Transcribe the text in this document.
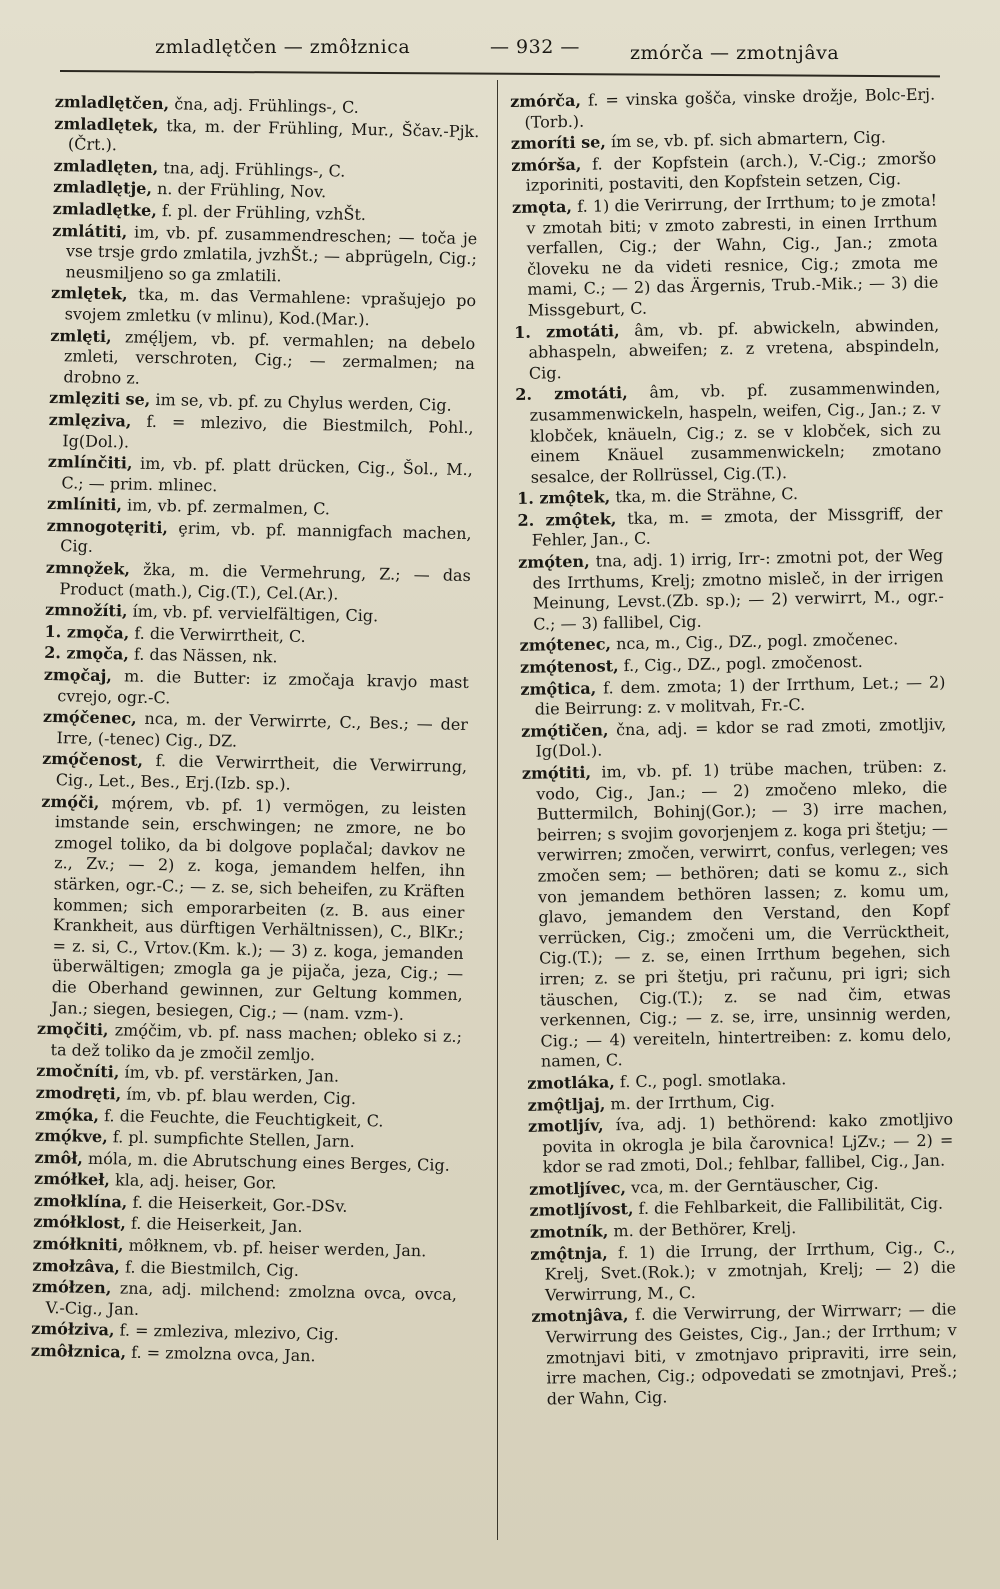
zmladlętčen — zmôłznica	— 932 —	zmórča — zmotnjâva

zmladlętčen, čna, adj. Frühlings-, C.

zmladlętek, tka, m. der Frühling, Mur., Ščav.-Pjk.(Črt.).

zmladlęten, tna, adj. Frühlings-, C.

zmladlętje, n. der Frühling, Nov.

zmladlętke, f. pl. der Frühling, vzhŠt.

zmlátiti, im, vb. pf. zusammendreschen; — toča je vse trsje grdo zmlatila, jvzhŠt.; — abprügeln, Cig.; neusmiljeno so ga zmlatili.

zmlętek, tka, m. das Vermahlene: vprašujejo po svojem zmletku (v mlinu), Kod.(Mar.).

zmlęti, zmę́ljem, vb. pf. vermahlen; na debelo zmleti, verschroten, Cig.; — zermalmen; na drobno z.

zmlęziti se, im se, vb. pf. zu Chylus werden, Cig.

zmlęziva, f. = mlezivo, die Biestmilch, Pohl., Ig(Dol.).

zmlínčiti, im, vb. pf. platt drücken, Cig., Šol., M., C.; — prim. mlinec.

zmlíniti, im, vb. pf. zermalmen, C.

zmnogotęriti, ȩrim, vb. pf. mannigfach machen, Cig.

zmnǫžek, žka, m. die Vermehrung, Z.; — das Product (math.), Cig.(T.), Cel.(Ar.).

zmnožíti, ím, vb. pf. vervielfältigen, Cig.

1. zmǫča, f. die Verwirrtheit, C.

2. zmǫča, f. das Nässen, nk.

zmǫčaj, m. die Butter: iz zmočaja kravjo mast cvrejo, ogr.-C.

zmǫ́čenec, nca, m. der Verwirrte, C., Bes.; — der Irre, (-tenec) Cig., DZ.

zmǫ́čenost, f. die Verwirrtheit, die Verwirrung, Cig., Let., Bes., Erj.(Izb. sp.).

zmǫ́či, mǫ́rem, vb. pf. 1) vermögen, zu leisten imstande sein, erschwingen; ne zmore, ne bo zmogel toliko, da bi dolgove poplačal; davkov ne z., Zv.; — 2) z. koga, jemandem helfen, ihn stärken, ogr.-C.; — z. se, sich beheifen, zu Kräften kommen; sich emporarbeiten (z. B. aus einer Krankheit, aus dürftigen Verhältnissen), C., BlKr.; = z. si, C., Vrtov.(Km. k.); — 3) z. koga, jemanden überwältigen; zmogla ga je pijača, jeza, Cig.; — die Oberhand gewinnen, zur Geltung kommen, Jan.; siegen, besiegen, Cig.; — (nam. vzm-).

zmǫčiti, zmǫ́čim, vb. pf. nass machen; obleko si z.; ta dež toliko da je zmočil zemljo.

zmočníti, ím, vb. pf. verstärken, Jan.

zmodręti, ím, vb. pf. blau werden, Cig.

zmǫ́ka, f. die Feuchte, die Feuchtigkeit, C.

zmǫ́kve, f. pl. sumpfichte Stellen, Jarn.

zmôł, móla, m. die Abrutschung eines Berges, Cig.

zmółkeł, kla, adj. heiser, Gor.

zmołklína, f. die Heiserkeit, Gor.-DSv.

zmółklost, f. die Heiserkeit, Jan.

zmółkniti, môłknem, vb. pf. heiser werden, Jan.

zmołzâva, f. die Biestmilch, Cig.

zmółzen, zna, adj. milchend: zmolzna ovca, ovca, V.-Cig., Jan.

zmółziva, f. = zmleziva, mlezivo, Cig.

zmôłznica, f. = zmolzna ovca, Jan.

zmórča, f. = vinska gošča, vinske drožje, Bolc-Erj.(Torb.).

zmoríti se, ím se, vb. pf. sich abmartern, Cig.

zmórša, f. der Kopfstein (arch.), V.-Cig.; zmoršo izporiniti, postaviti, den Kopfstein setzen, Cig.

zmǫta, f. 1) die Verirrung, der Irrthum; to je zmota! v zmotah biti; v zmoto zabresti, in einen Irrthum verfallen, Cig.; der Wahn, Cig., Jan.; zmota človeku ne da videti resnice, Cig.; zmota me mami, C.; — 2) das Ärgernis, Trub.-Mik.; — 3) die Missgeburt, C.

1. zmotáti, âm, vb. pf. abwickeln, abwinden, abhaspeln, abweifen; z. z vretena, abspindeln, Cig.

2. zmotáti, âm, vb. pf. zusammenwinden, zusammenwickeln, haspeln, weifen, Cig., Jan.; z. v klobček, knäueln, Cig.; z. se v klobček, sich zu einem Knäuel zusammenwickeln; zmotano sesalce, der Rollrüssel, Cig.(T.).

1. zmǫ̂tek, tka, m. die Strähne, C.

2. zmǫ̂tek, tka, m. = zmota, der Missgriff, der Fehler, Jan., C.

zmǫ́ten, tna, adj. 1) irrig, Irr-: zmotni pot, der Weg des Irrthums, Krelj; zmotno misleč, in der irrigen Meinung, Levst.(Zb. sp.); — 2) verwirrt, M., ogr.-C.; — 3) fallibel, Cig.

zmǫ́tenec, nca, m., Cig., DZ., pogl. zmočenec.

zmǫ́tenost, f., Cig., DZ., pogl. zmočenost.

zmǫ̂tica, f. dem. zmota; 1) der Irrthum, Let.; — 2) die Beirrung: z. v molitvah, Fr.-C.

zmǫ́tičen, čna, adj. = kdor se rad zmoti, zmotljiv, Ig(Dol.).

zmǫ́titi, im, vb. pf. 1) trübe machen, trüben: z. vodo, Cig., Jan.; — 2) zmočeno mleko, die Buttermilch, Bohinj(Gor.); — 3) irre machen, beirren; s svojim govorjenjem z. koga pri štetju; — verwirren; zmočen, verwirrt, confus, verlegen; ves zmočen sem; — bethören; dati se komu z., sich von jemandem bethören lassen; z. komu um, glavo, jemandem den Verstand, den Kopf verrücken, Cig.; zmočeni um, die Verrücktheit, Cig.(T.); — z. se, einen Irrthum begehen, sich irren; z. se pri štetju, pri računu, pri igri; sich täuschen, Cig.(T.); z. se nad čim, etwas verkennen, Cig.; — z. se, irre, unsinnig werden, Cig.; — 4) vereiteln, hintertreiben: z. komu delo, namen, C.

zmotláka, f. C., pogl. smotlaka.

zmǫ̂tljaj, m. der Irrthum, Cig.

zmotljív, íva, adj. 1) bethörend: kako zmotljivo povita in okrogla je bila čarovnica! LjZv.; — 2) = kdor se rad zmoti, Dol.; fehlbar, fallibel, Cig., Jan.

zmotljívec, vca, m. der Gerntäuscher, Cig.

zmotljívost, f. die Fehlbarkeit, die Fallibilität, Cig.

zmotník, m. der Bethörer, Krelj.

zmǫ̂tnja, f. 1) die Irrung, der Irrthum, Cig., C., Krelj, Svet.(Rok.); v zmotnjah, Krelj; — 2) die Verwirrung, M., C.

zmotnjâva, f. die Verwirrung, der Wirrwarr; — die Verwirrung des Geistes, Cig., Jan.; der Irrthum; v zmotnjavi biti, v zmotnjavo pripraviti, irre sein, irre machen, Cig.; odpovedati se zmotnjavi, Preš.; der Wahn, Cig.
